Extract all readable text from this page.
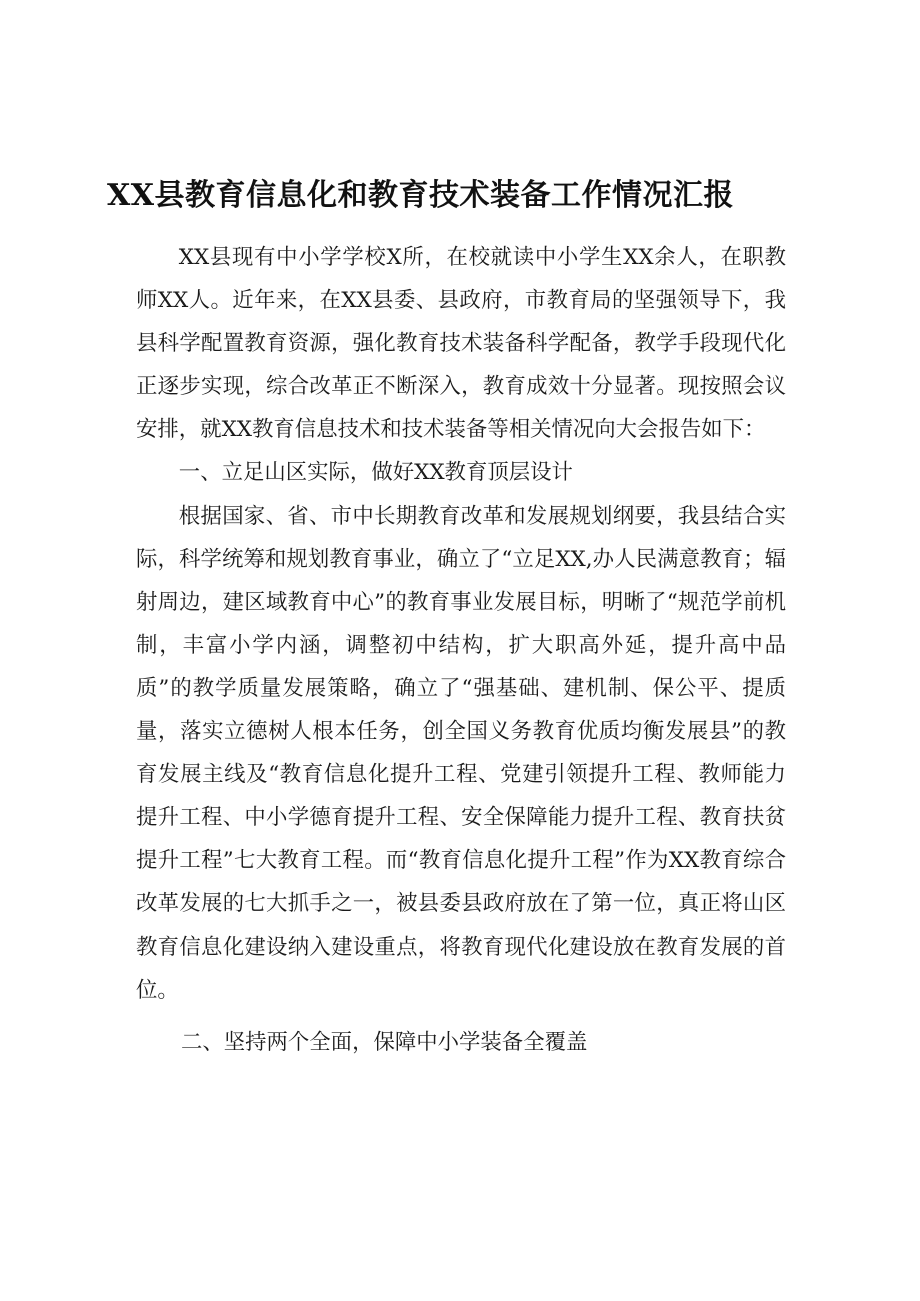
XX县教育信息化和教育技术装备工作情况汇报

XX县现有中小学学校X所，在校就读中小学生XX余人，在职教师XX人。近年来，在XX县委、县政府，市教育局的坚强领导下，我县科学配置教育资源，强化教育技术装备科学配备，教学手段现代化正逐步实现，综合改革正不断深入，教育成效十分显著。现按照会议安排，就XX教育信息技术和技术装备等相关情况向大会报告如下：

一、立足山区实际，做好XX教育顶层设计

根据国家、省、市中长期教育改革和发展规划纲要，我县结合实际，科学统筹和规划教育事业，确立了“立足XX,办人民满意教育；辐射周边，建区域教育中心”的教育事业发展目标，明晰了“规范学前机制，丰富小学内涵，调整初中结构，扩大职高外延，提升高中品质”的教学质量发展策略，确立了“强基础、建机制、保公平、提质量，落实立德树人根本任务，创全国义务教育优质均衡发展县”的教育发展主线及“教育信息化提升工程、党建引领提升工程、教师能力提升工程、中小学德育提升工程、安全保障能力提升工程、教育扶贫提升工程”七大教育工程。而“教育信息化提升工程”作为XX教育综合改革发展的七大抓手之一，被县委县政府放在了第一位，真正将山区教育信息化建设纳入建设重点，将教育现代化建设放在教育发展的首位。

二、坚持两个全面，保障中小学装备全覆盖
